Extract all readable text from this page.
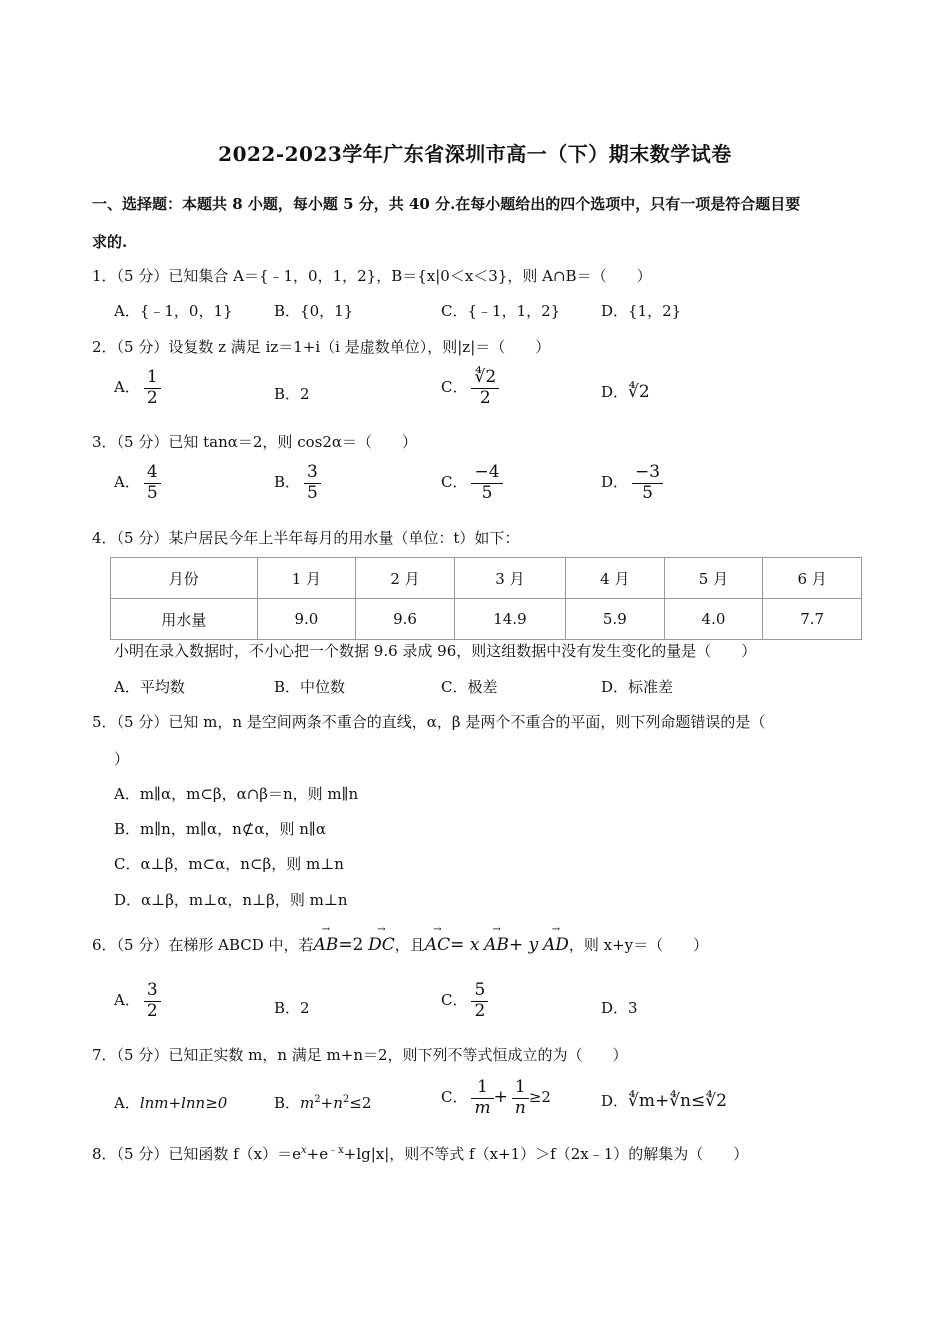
2022-2023学年广东省深圳市高一（下）期末数学试卷
一、选择题：本题共 8 小题，每小题 5 分，共 40 分.在每小题给出的四个选项中，只有一项是符合题目要
求的.
1．（5 分）已知集合 A＝{﹣1，0，1，2}，B＝{x|0＜x＜3}，则 A∩B＝（　　）
A．{﹣1，0，1}	B．{0，1}	C．{﹣1，1，2}	D．{1，2}
2．（5 分）设复数 z 满足 iz＝1+i（i 是虚数单位），则|z|＝（　　）
A． $\frac{1}{2}$	B．2	C． $\frac{∜2}{2}$	D．∜2
3．（5 分）已知 tanα＝2，则 cos2α＝（　　）
A． $\frac{4}{5}$	B． $\frac{3}{5}$	C． $\frac{-4}{5}$	D． $\frac{-3}{5}$
4．（5 分）某户居民今年上半年每月的用水量（单位：t）如下：
月份	1 月	2 月	3 月	4 月	5 月	6 月
用水量	9.0	9.6	14.9	5.9	4.0	7.7
小明在录入数据时，不小心把一个数据 9.6 录成 96，则这组数据中没有发生变化的量是（　　）
A．平均数	B．中位数	C．极差	D．标准差
5．（5 分）已知 m，n 是空间两条不重合的直线，α，β 是两个不重合的平面，则下列命题错误的是（
）
A．m∥α，m⊂β，α∩β＝n，则 m∥n
B．m∥n，m∥α，n⊄α，则 n∥α
C．α⊥β，m⊂α，n⊂β，则 m⊥n
D．α⊥β，m⊥α，n⊥β，则 m⊥n
6．（5 分）在梯形 ABCD 中，若→ AB=2 → DC，且→ AC= x → AB+ y → AD，则 x+y＝（　　）
A． $\frac{3}{2}$	B．2	C． $\frac{5}{2}$	D．3
7．（5 分）已知正实数 m，n 满足 m+n＝2，则下列不等式恒成立的为（　　）
A．lnm+lnn≥0	B．$m^2+n^2\le 2$	C． $\frac{1}{m} + \frac{1}{n} \ge 2$	D．∜m+∜n≤∜2
8．（5 分）已知函数 $f(x)=e^x+e^{﹣x}+\lg|x|$，则不等式 f（x+1）＞f（2x﹣1）的解集为（　　）
